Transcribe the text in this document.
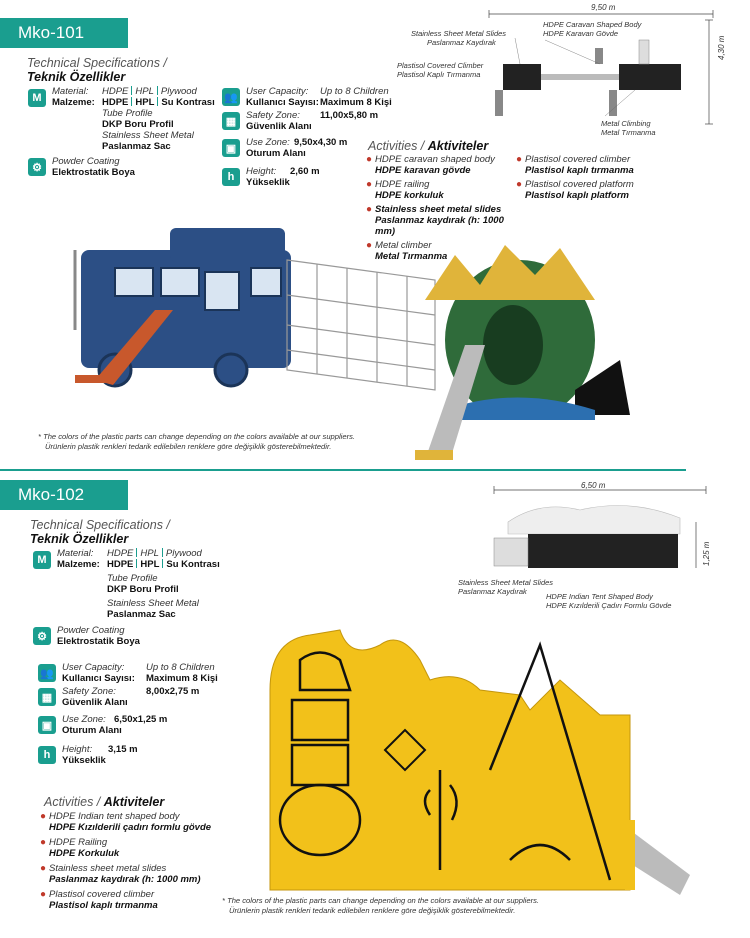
Mko-101
Technical Specifications /
Teknik Özellikler
M
Material: HDPE HPL Plywood
Malzeme: HDPE HPL Su Kontrası
Tube Profile
DKP Boru Profil
Stainless Sheet Metal
Paslanmaz Sac
⚙	Powder Coating
Elektrostatik Boya
👥 User Capacity: Up to 8 Children
Kullanıcı Sayısı:Maximum 8 Kişi
▦	Safety Zone: 11,00x5,80 m
Güvenlik Alanı
▣	Use Zone: 9,50x4,30 m
Oturum Alanı
h	Height: 2,60 m
Yükseklik
Activities / Aktiviteler
● HDPE caravan shaped body
HDPE karavan gövde
● HDPE railing
HDPE korkuluk
● Stainless sheet metal slides
Paslanmaz kaydırak (h: 1000 mm)
● Metal climber
Metal Tırmanma
● Plastisol covered climber
Plastisol kaplı tırmanma
● Plastisol covered platform
Plastisol kaplı platform
9,50 m
4,30 m
Stainless Sheet Metal Slides
Paslanmaz Kaydırak
HDPE Caravan Shaped Body
HDPE Karavan Gövde
Plastisol Covered Climber
Plastisol Kaplı Tırmanma
Metal Climbing
Metal Tırmanma
* The colors of the plastic parts can change depending on the colors available at our suppliers.
Ürünlerin plastik renkleri tedarik edilebilen renklere göre değişiklik gösterebilmektedir.
Mko-102
Technical Specifications /
Teknik Özellikler
M
Material: HDPE HPL Plywood
Malzeme: HDPE HPL Su Kontrası
Tube Profile
DKP Boru Profil
Stainless Sheet Metal
Paslanmaz Sac
⚙	Powder Coating
Elektrostatik Boya
👥 User Capacity: Up to 8 Children
Kullanıcı Sayısı: Maximum 8 Kişi
▦	Safety Zone:	8,00x2,75 m
Güvenlik Alanı
▣	Use Zone: 6,50x1,25 m
Oturum Alanı
h	Height: 3,15 m
Yükseklik
Activities / Aktiviteler
● HDPE Indian tent shaped body
HDPE Kızılderili çadırı formlu gövde
● HDPE Railing
HDPE Korkuluk
● Stainless sheet metal slides
Paslanmaz kaydırak (h: 1000 mm)
● Plastisol covered climber
Plastisol kaplı tırmanma
6,50 m
1,25 m
Stainless Sheet Metal Slides
Paslanmaz Kaydırak
HDPE Indian Tent Shaped Body
HDPE Kızılderili Çadırı Formlu Gövde
* The colors of the plastic parts can change depending on the colors available at our suppliers.
Ürünlerin plastik renkleri tedarik edilebilen renklere göre değişiklik gösterebilmektedir.
